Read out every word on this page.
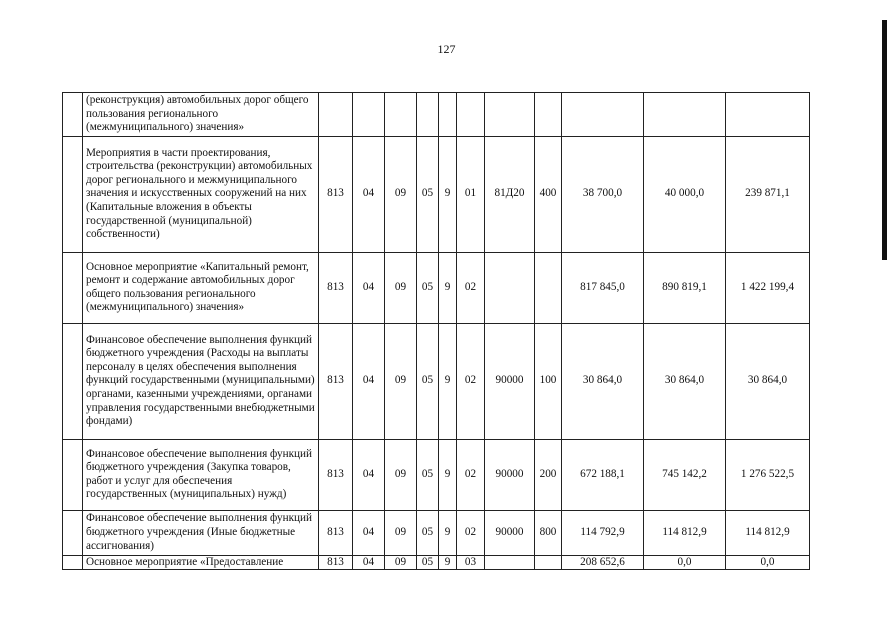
127
	(реконструкция) автомобильных дорог общего пользования регионального (межмуниципального) значения»											
	Мероприятия в части проектирования, строительства (реконструкции) автомобильных дорог регионального и межмуниципального значения и искусственных сооружений на них (Капитальные вложения в объекты государственной (муниципальной) собственности)	813	04	09	05	9	01	81Д20	400	38 700,0	40 000,0	239 871,1
	Основное мероприятие «Капитальный ремонт, ремонт и содержание автомобильных дорог общего пользования регионального (межмуниципального) значения»	813	04	09	05	9	02			817 845,0	890 819,1	1 422 199,4
	Финансовое обеспечение выполнения функций бюджетного учреждения (Расходы на выплаты персоналу в целях обеспечения выполнения функций государственными (муниципальными) органами, казенными учреждениями, органами управления государственными внебюджетными фондами)	813	04	09	05	9	02	90000	100	30 864,0	30 864,0	30 864,0
	Финансовое обеспечение выполнения функций бюджетного учреждения (Закупка товаров, работ и услуг для обеспечения государственных (муниципальных) нужд)	813	04	09	05	9	02	90000	200	672 188,1	745 142,2	1 276 522,5
	Финансовое обеспечение выполнения функций бюджетного учреждения (Иные бюджетные ассигнования)	813	04	09	05	9	02	90000	800	114 792,9	114 812,9	114 812,9
	Основное мероприятие «Предоставление	813	04	09	05	9	03			208 652,6	0,0	0,0
